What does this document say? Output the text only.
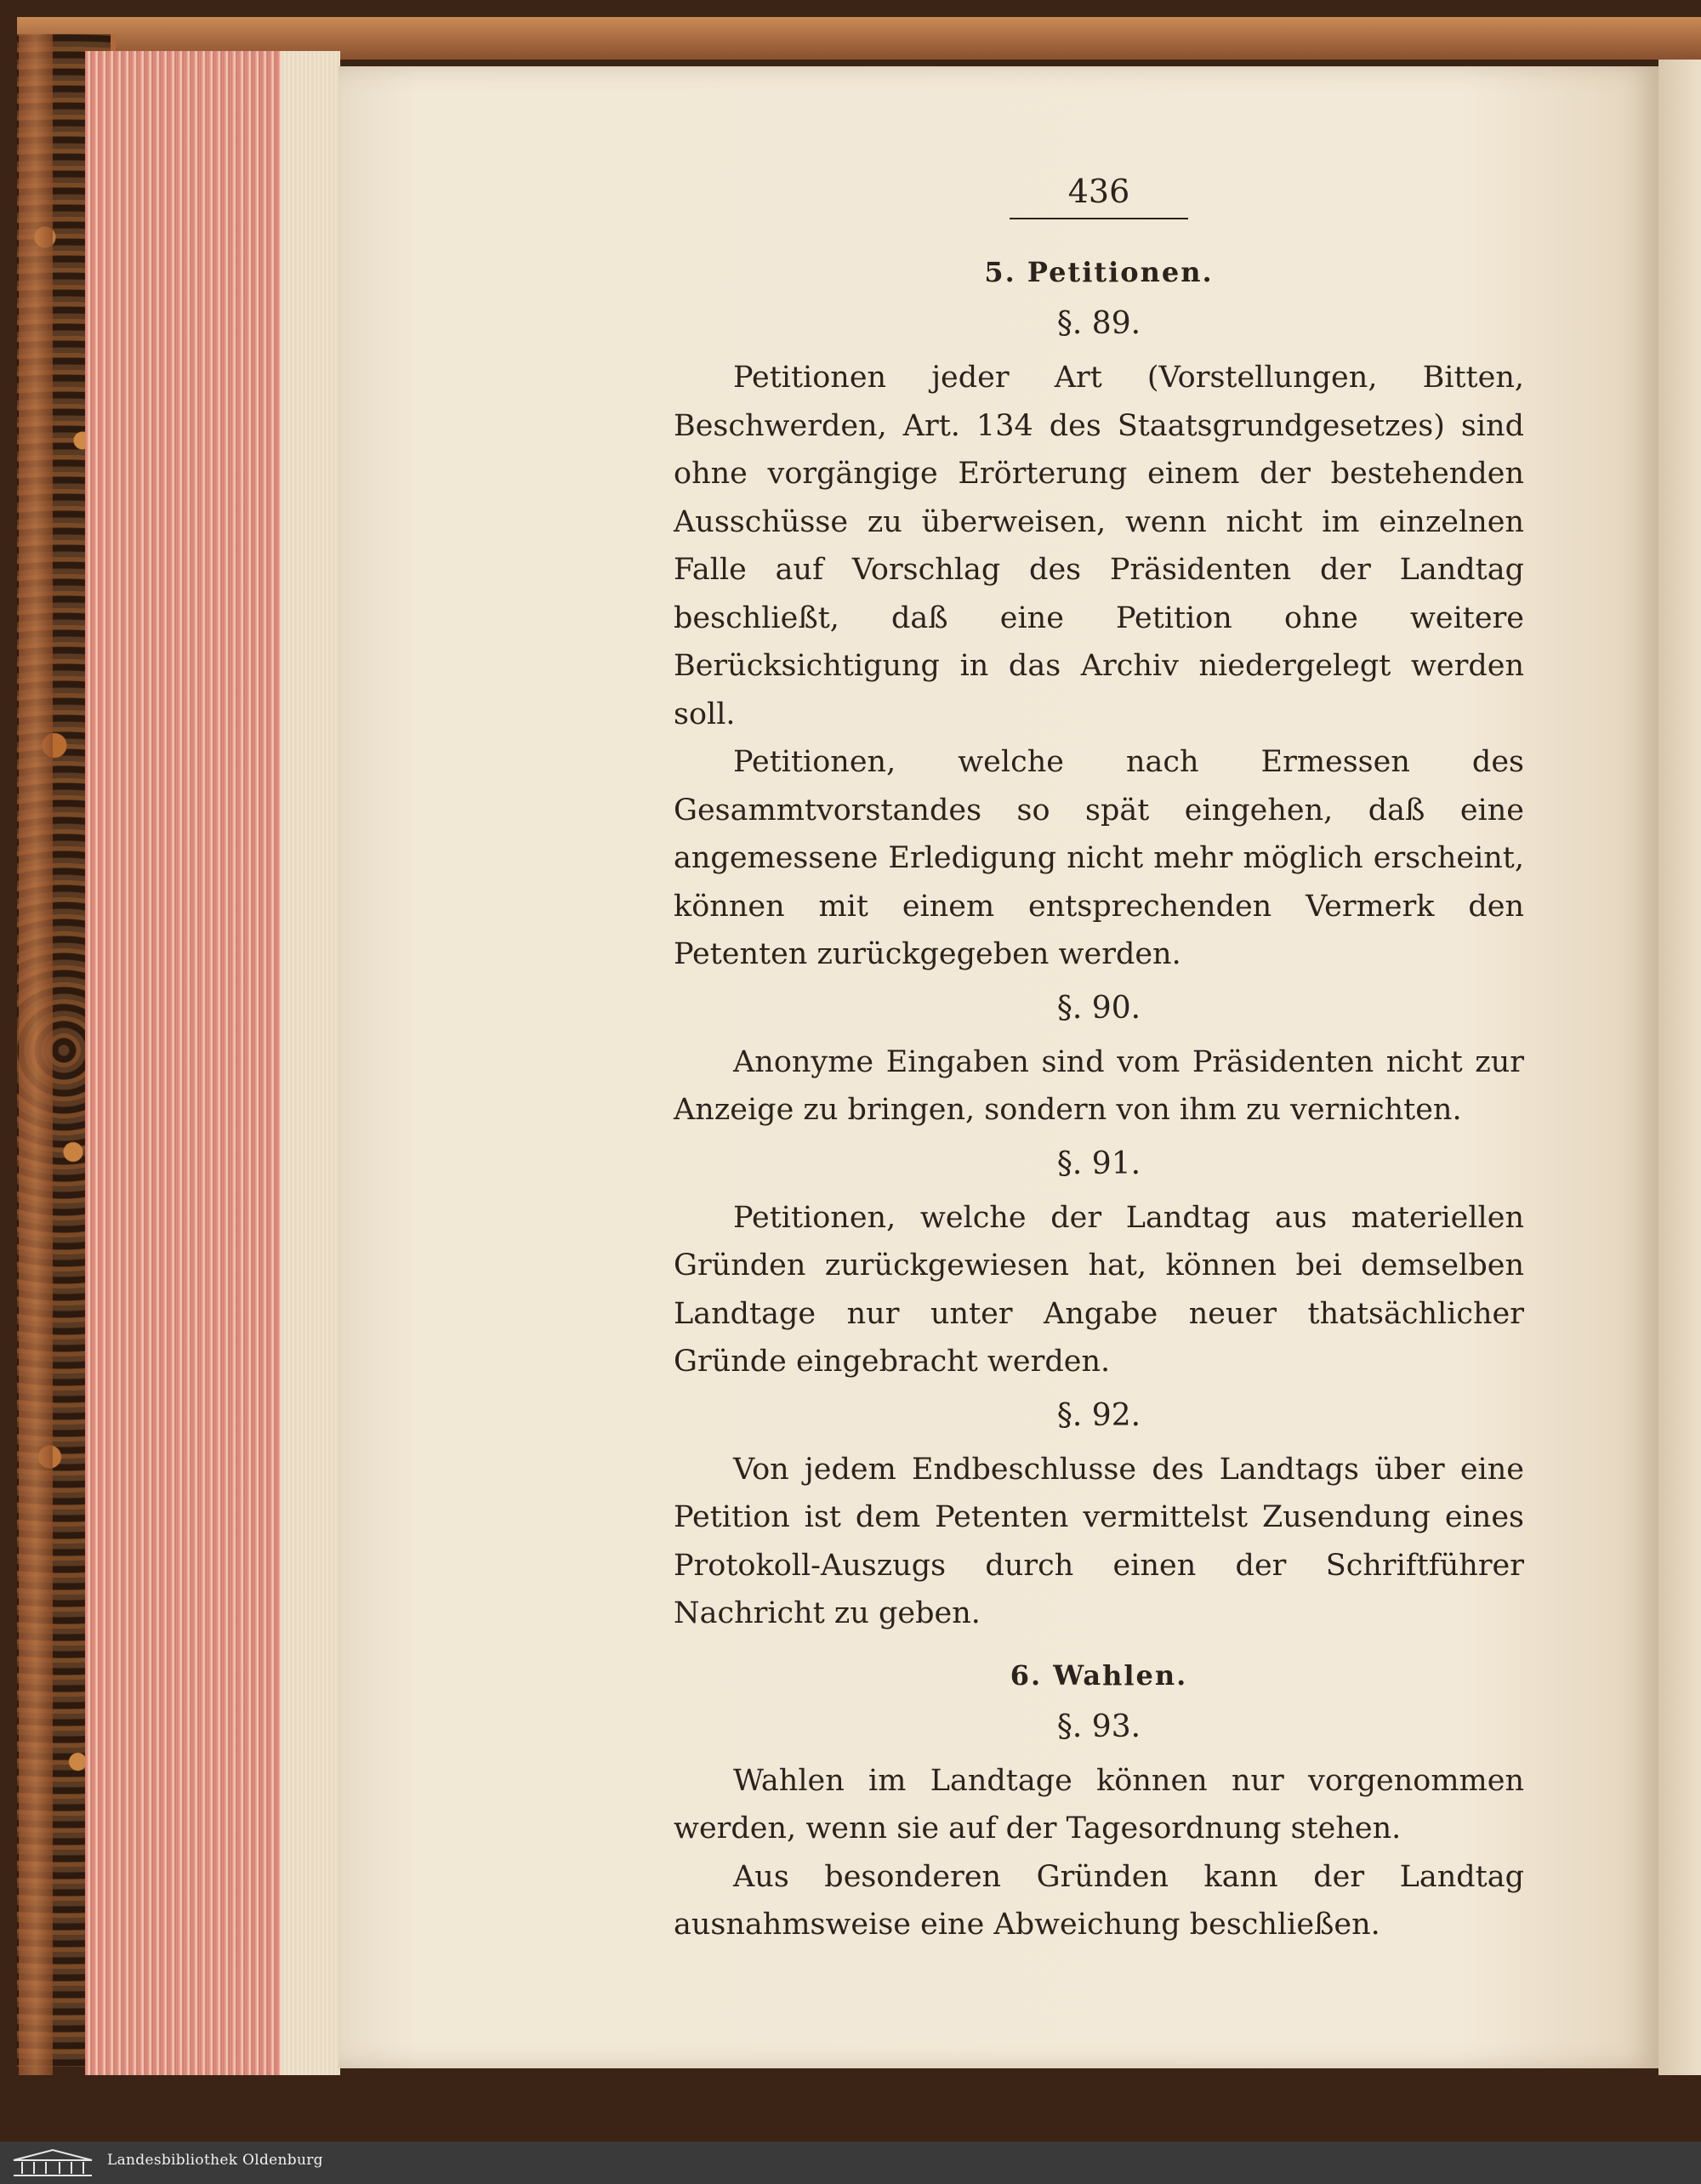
436
5. Petitionen.
§. 89.

Petitionen jeder Art (Vorstellungen, Bitten, Beschwerden, Art. 134 des Staatsgrundgesetzes) sind ohne vorgängige Erörterung einem der bestehenden Ausschüsse zu überweisen, wenn nicht im einzelnen Falle auf Vorschlag des Präsidenten der Landtag beschließt, daß eine Petition ohne weitere Berücksichtigung in das Archiv niedergelegt werden soll.

Petitionen, welche nach Ermessen des Gesammtvorstandes so spät eingehen, daß eine angemessene Erledigung nicht mehr möglich erscheint, können mit einem entsprechenden Vermerk den Petenten zurückgegeben werden.

§. 90.

Anonyme Eingaben sind vom Präsidenten nicht zur Anzeige zu bringen, sondern von ihm zu vernichten.

§. 91.

Petitionen, welche der Landtag aus materiellen Gründen zurückgewiesen hat, können bei demselben Landtage nur unter Angabe neuer thatsächlicher Gründe eingebracht werden.

§. 92.

Von jedem Endbeschlusse des Landtags über eine Petition ist dem Petenten vermittelst Zusendung eines Protokoll-Auszugs durch einen der Schriftführer Nachricht zu geben.

6. Wahlen.
§. 93.

Wahlen im Landtage können nur vorgenommen werden, wenn sie auf der Tagesordnung stehen.

Aus besonderen Gründen kann der Landtag ausnahmsweise eine Abweichung beschließen.

Landesbibliothek Oldenburg
